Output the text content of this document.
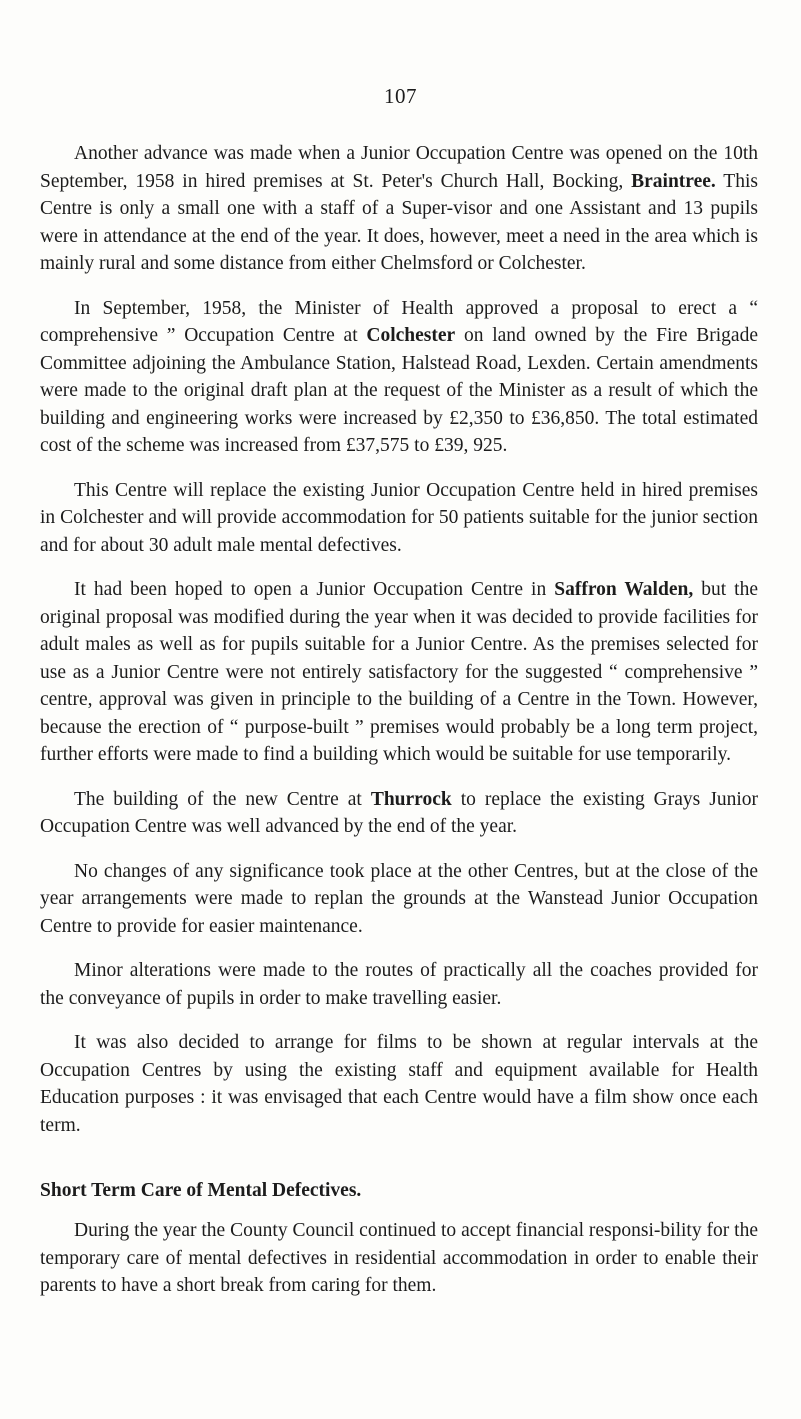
107

Another advance was made when a Junior Occupation Centre was opened on the 10th September, 1958 in hired premises at St. Peter's Church Hall, Bocking, Braintree. This Centre is only a small one with a staff of a Super-visor and one Assistant and 13 pupils were in attendance at the end of the year. It does, however, meet a need in the area which is mainly rural and some distance from either Chelmsford or Colchester.

In September, 1958, the Minister of Health approved a proposal to erect a “ comprehensive ” Occupation Centre at Colchester on land owned by the Fire Brigade Committee adjoining the Ambulance Station, Halstead Road, Lexden. Certain amendments were made to the original draft plan at the request of the Minister as a result of which the building and engineering works were increased by £2,350 to £36,850. The total estimated cost of the scheme was increased from £37,575 to £39, 925.

This Centre will replace the existing Junior Occupation Centre held in hired premises in Colchester and will provide accommodation for 50 patients suitable for the junior section and for about 30 adult male mental defectives.

It had been hoped to open a Junior Occupation Centre in Saffron Walden, but the original proposal was modified during the year when it was decided to provide facilities for adult males as well as for pupils suitable for a Junior Centre. As the premises selected for use as a Junior Centre were not entirely satisfactory for the suggested “ comprehensive ” centre, approval was given in principle to the building of a Centre in the Town. However, because the erection of “ purpose-built ” premises would probably be a long term project, further efforts were made to find a building which would be suitable for use temporarily.

The building of the new Centre at Thurrock to replace the existing Grays Junior Occupation Centre was well advanced by the end of the year.

No changes of any significance took place at the other Centres, but at the close of the year arrangements were made to replan the grounds at the Wanstead Junior Occupation Centre to provide for easier maintenance.

Minor alterations were made to the routes of practically all the coaches provided for the conveyance of pupils in order to make travelling easier.

It was also decided to arrange for films to be shown at regular intervals at the Occupation Centres by using the existing staff and equipment available for Health Education purposes : it was envisaged that each Centre would have a film show once each term.

Short Term Care of Mental Defectives.

During the year the County Council continued to accept financial responsi-bility for the temporary care of mental defectives in residential accommodation in order to enable their parents to have a short break from caring for them.
